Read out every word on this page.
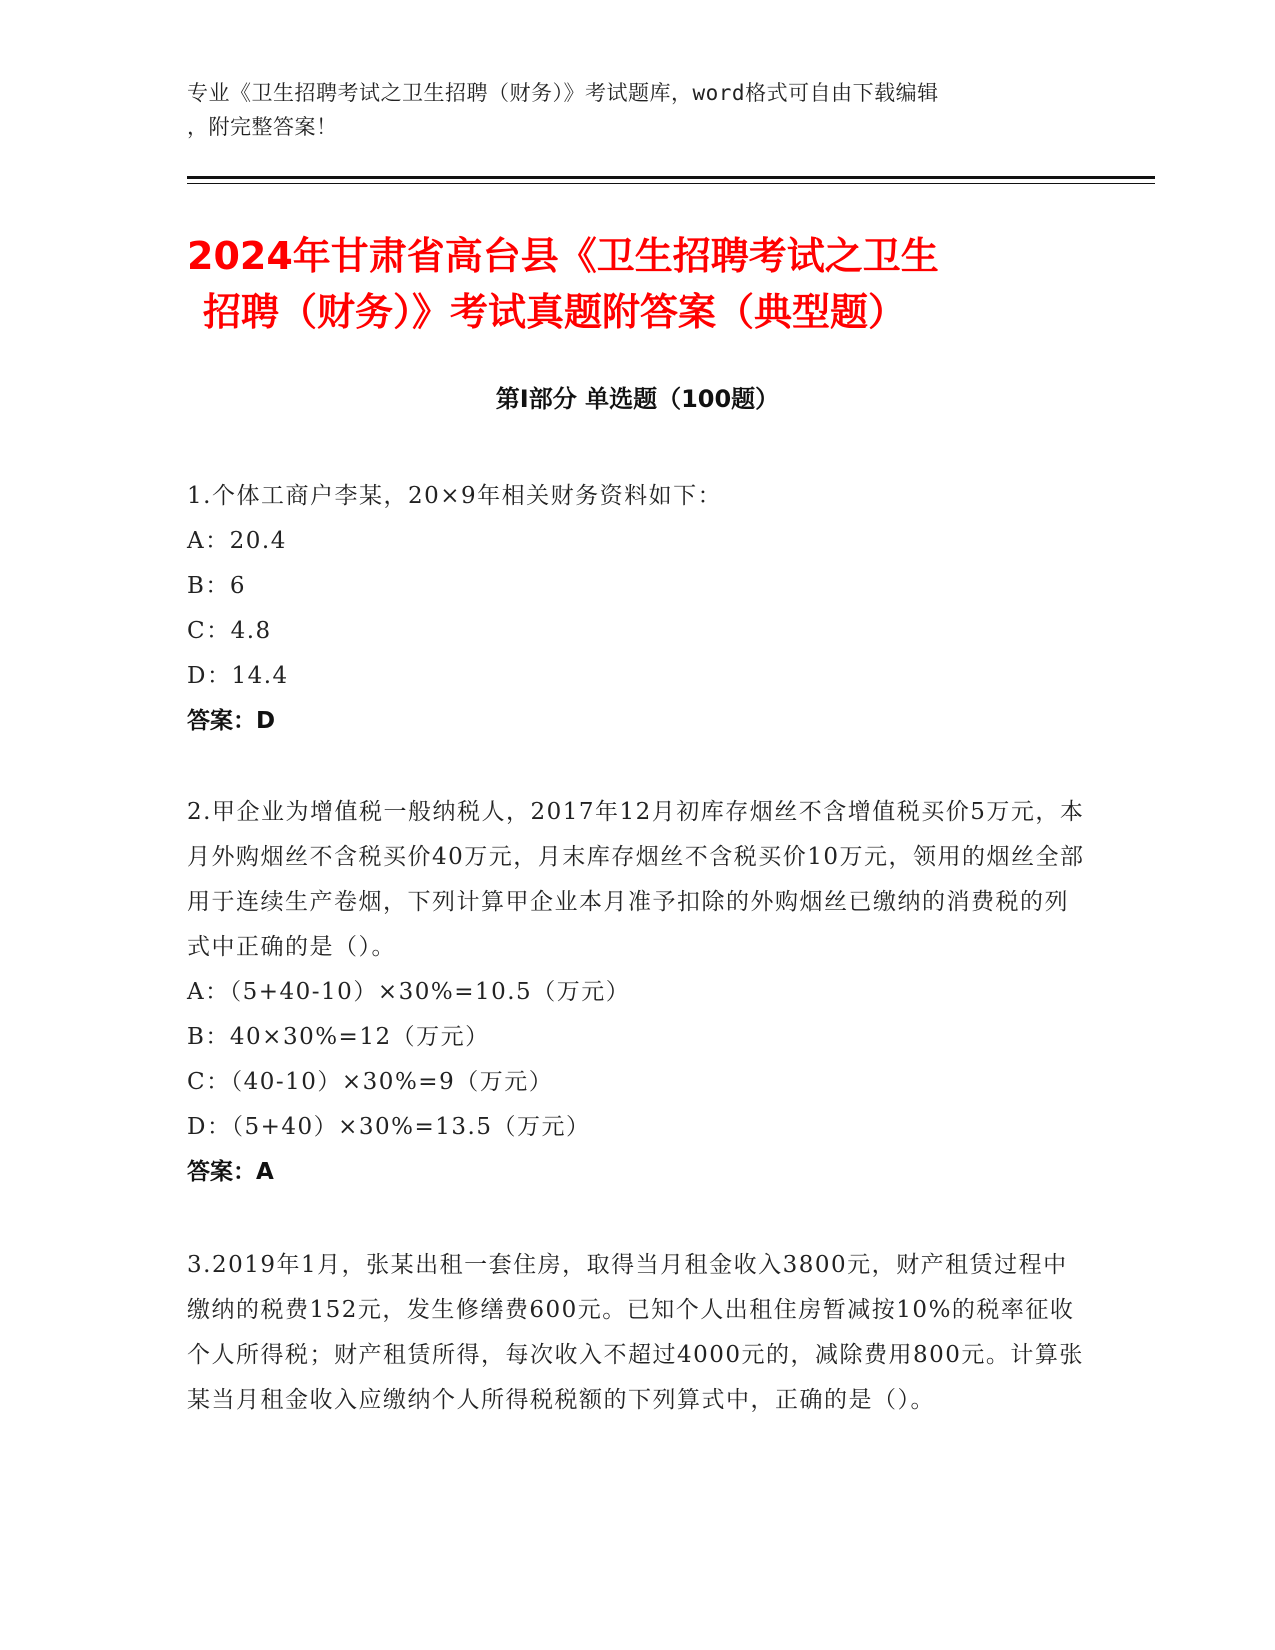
专业《卫生招聘考试之卫生招聘（财务）》考试题库，word格式可自由下载编辑
，附完整答案！
2024年甘肃省高台县《卫生招聘考试之卫生
招聘（财务）》考试真题附答案（典型题）
第Ⅰ部分 单选题（100题）

1.个体工商户李某，20×9年相关财务资料如下：

A：20.4

B：6

C：4.8

D：14.4

答案：D

2.甲企业为增值税一般纳税人，2017年12月初库存烟丝不含增值税买价5万元，本月外购烟丝不含税买价40万元，月末库存烟丝不含税买价10万元，领用的烟丝全部用于连续生产卷烟，下列计算甲企业本月准予扣除的外购烟丝已缴纳的消费税的列式中正确的是（）。

A：（5+40-10）×30%=10.5（万元）

B：40×30%=12（万元）

C：（40-10）×30%=9（万元）

D：（5+40）×30%=13.5（万元）

答案：A

3.2019年1月，张某出租一套住房，取得当月租金收入3800元，财产租赁过程中缴纳的税费152元，发生修缮费600元。已知个人出租住房暂减按10%的税率征收个人所得税；财产租赁所得，每次收入不超过4000元的，减除费用800元。计算张某当月租金收入应缴纳个人所得税税额的下列算式中，正确的是（）。
